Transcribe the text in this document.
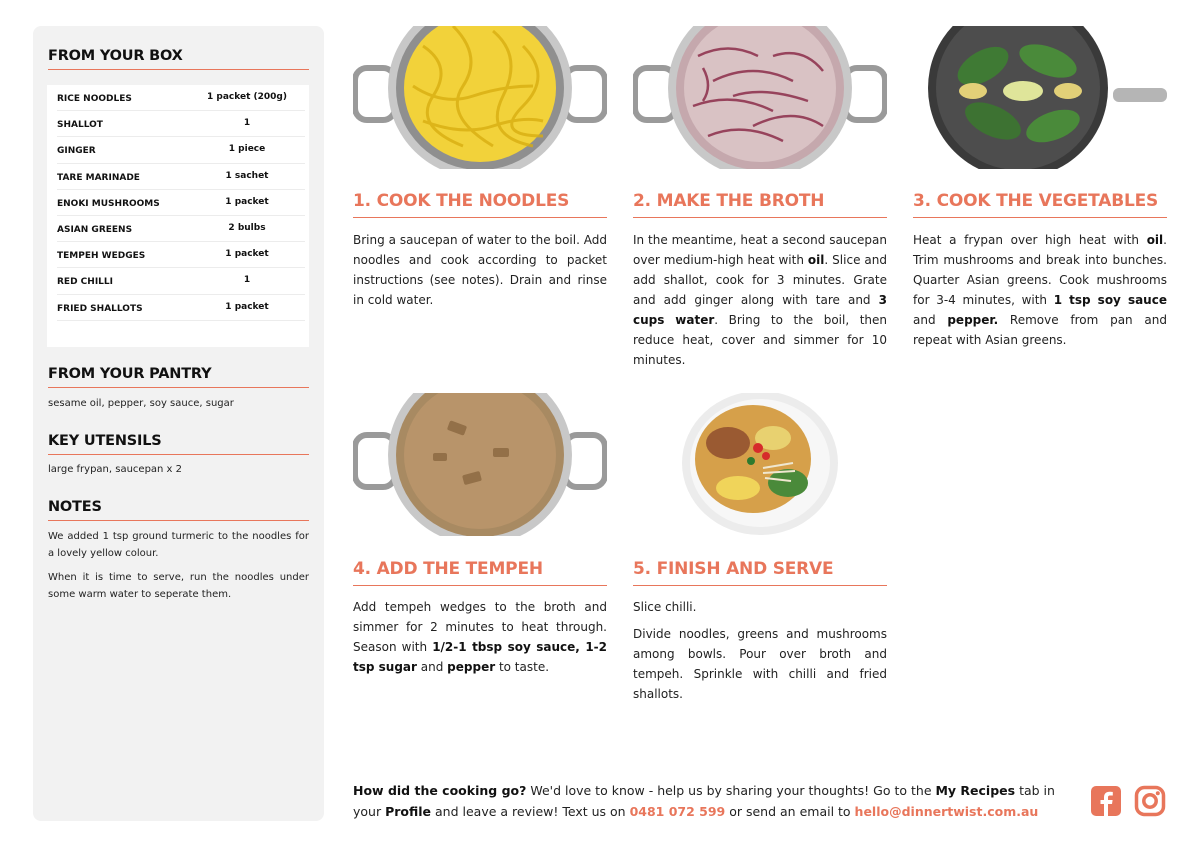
FROM YOUR BOX
RICE NOODLES	1 packet (200g)
SHALLOT	1
GINGER	1 piece
TARE MARINADE	1 sachet
ENOKI MUSHROOMS	1 packet
ASIAN GREENS	2 bulbs
TEMPEH WEDGES	1 packet
RED CHILLI	1
FRIED SHALLOTS	1 packet
FROM YOUR PANTRY
sesame oil, pepper, soy sauce, sugar
KEY UTENSILS
large frypan, saucepan x 2
NOTES
We added 1 tsp ground turmeric to the noodles for a lovely yellow colour.
When it is time to serve, run the noodles under some warm water to seperate them.
1. COOK THE NOODLES
Bring a saucepan of water to the boil. Add noodles and cook according to packet instructions (see notes). Drain and rinse in cold water.
2. MAKE THE BROTH
In the meantime, heat a second saucepan over medium-high heat with oil. Slice and add shallot, cook for 3 minutes. Grate and add ginger along with tare and 3 cups water. Bring to the boil, then reduce heat, cover and simmer for 10 minutes.
3. COOK THE VEGETABLES
Heat a frypan over high heat with oil. Trim mushrooms and break into bunches. Quarter Asian greens. Cook mushrooms for 3-4 minutes, with 1 tsp soy sauce and pepper. Remove from pan and repeat with Asian greens.
4. ADD THE TEMPEH
Add tempeh wedges to the broth and simmer for 2 minutes to heat through. Season with 1/2-1 tbsp soy sauce, 1-2 tsp sugar and pepper to taste.
5. FINISH AND SERVE
Slice chilli.
Divide noodles, greens and mushrooms among bowls. Pour over broth and tempeh. Sprinkle with chilli and fried shallots.
How did the cooking go? We'd love to know - help us by sharing your thoughts! Go to the My Recipes tab in your Profile and leave a review! Text us on 0481 072 599 or send an email to hello@dinnertwist.com.au
